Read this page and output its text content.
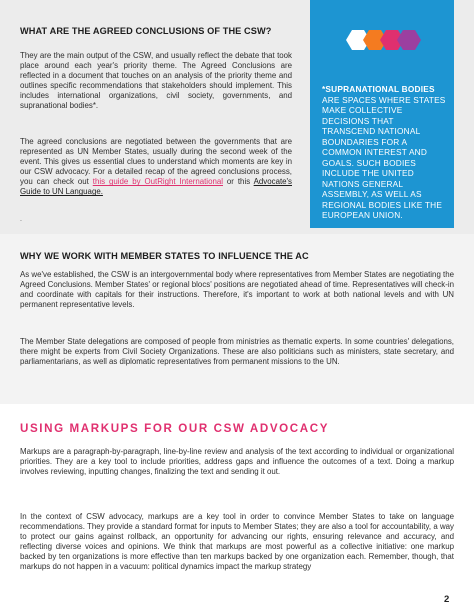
WHAT ARE THE AGREED CONCLUSIONS OF THE CSW?

They are the main output of the CSW, and usually reflect the debate that took place around each year's priority theme. The Agreed Conclusions are reflected in a document that touches on an analysis of the priority theme and outlines specific recommendations that stakeholders should implement. This includes international organizations, civil society, governments, and supranational bodies*.

The agreed conclusions are negotiated between the governments that are represented as UN Member States, usually during the second week of the event. This gives us essential clues to understand which moments are key in our CSW advocacy. For a detailed recap of the agreed conclusions process, you can check out this guide by OutRight International or this Advocate's Guide to UN Language.

.
*SUPRANATIONAL BODIES
ARE SPACES WHERE STATES MAKE COLLECTIVE DECISIONS THAT TRANSCEND NATIONAL BOUNDARIES FOR A COMMON INTEREST AND GOALS. SUCH BODIES INCLUDE THE UNITED NATIONS GENERAL ASSEMBLY, AS WELL AS REGIONAL BODIES LIKE THE EUROPEAN UNION.
WHY WE WORK WITH MEMBER STATES TO INFLUENCE THE AC

As we've established, the CSW is an intergovernmental body where representatives from Member States are negotiating the Agreed Conclusions. Member States' or regional blocs' positions are negotiated ahead of time. Representatives will check-in and coordinate with capitals for their instructions. Therefore, it's important to work at both national levels and with UN permanent representative levels.

The Member State delegations are composed of people from ministries as thematic experts. In some countries' delegations, there might be experts from Civil Society Organizations. These are also politicians such as ministers, state secretary, and parliamentarians, as well as diplomatic representatives from permanent missions to the UN.

USING MARKUPS FOR OUR CSW ADVOCACY

Markups are a paragraph-by-paragraph, line-by-line review and analysis of the text according to individual or organizational priorities. They are a key tool to include priorities, address gaps and influence the outcomes of a text. Doing a markup involves reviewing, inputting changes, finalizing the text and sending it out.

In the context of CSW advocacy, markups are a key tool in order to convince Member States to take on language recommendations. They provide a standard format for inputs to Member States; they are also a tool for accountability, a way to protect our gains against rollback, an opportunity for advancing our rights, ensuring relevance and accuracy, and reflecting diverse voices and opinions. We think that markups are most powerful as a collective initiative: one markup backed by ten organizations is more effective than ten markups backed by one organization each. Remember, though, that markups do not happen in a vacuum: political dynamics impact the markup strategy

2
